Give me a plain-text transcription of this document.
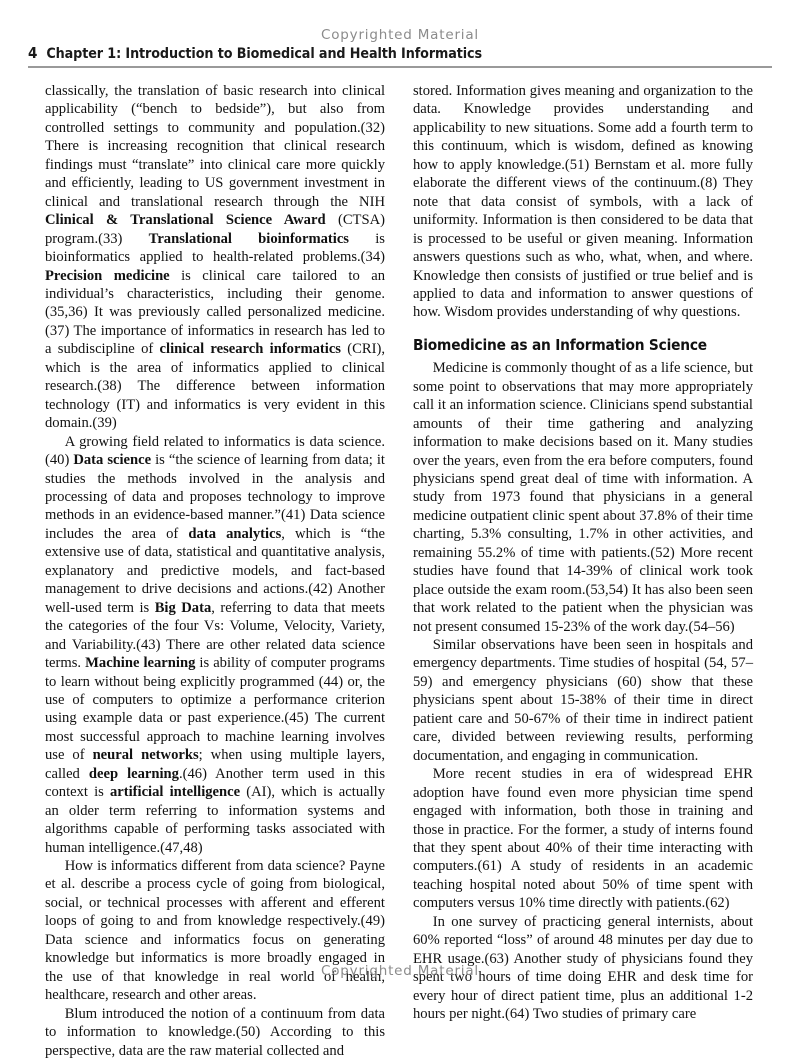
Copyrighted Material
4 Chapter 1: Introduction to Biomedical and Health Informatics

classically, the translation of basic research into clinical applicability (“bench to bedside”), but also from controlled settings to community and population.(32) There is increasing recognition that clinical research findings must “translate” into clinical care more quickly and efficiently, leading to US government investment in clinical and translational research through the NIH Clinical & Translational Science Award (CTSA) program.(33) Translational bioinformatics is bioinformatics applied to health-related problems.(34) Precision medicine is clinical care tailored to an individual’s characteristics, including their genome.(35,36) It was previously called personalized medicine.(37) The importance of informatics in research has led to a subdiscipline of clinical research informatics (CRI), which is the area of informatics applied to clinical research.(38) The difference between information technology (IT) and informatics is very evident in this domain.(39)

A growing field related to informatics is data science.(40) Data science is “the science of learning from data; it studies the methods involved in the analysis and processing of data and proposes technology to improve methods in an evidence-based manner.”(41) Data science includes the area of data analytics, which is “the extensive use of data, statistical and quantitative analysis, explanatory and predictive models, and fact-based management to drive decisions and actions.(42) Another well-used term is Big Data, referring to data that meets the categories of the four Vs: Volume, Velocity, Variety, and Variability.(43) There are other related data science terms. Machine learning is ability of computer programs to learn without being explicitly programmed (44) or, the use of computers to optimize a performance criterion using example data or past experience.(45) The current most successful approach to machine learning involves use of neural networks; when using multiple layers, called deep learning.(46) Another term used in this context is artificial intelligence (AI), which is actually an older term referring to information systems and algorithms capable of performing tasks associated with human intelligence.(47,48)

How is informatics different from data science? Payne et al. describe a process cycle of going from biological, social, or technical processes with afferent and efferent loops of going to and from knowledge respectively.(49) Data science and informatics focus on generating knowledge but informatics is more broadly engaged in the use of that knowledge in real world of health, healthcare, research and other areas.

Blum introduced the notion of a continuum from data to information to knowledge.(50) According to this perspective, data are the raw material collected and

stored. Information gives meaning and organization to the data. Knowledge provides understanding and applicability to new situations. Some add a fourth term to this continuum, which is wisdom, defined as knowing how to apply knowledge.(51) Bernstam et al. more fully elaborate the different views of the continuum.(8) They note that data consist of symbols, with a lack of uniformity. Information is then considered to be data that is processed to be useful or given meaning. Information answers questions such as who, what, when, and where. Knowledge then consists of justified or true belief and is applied to data and information to answer questions of how. Wisdom provides understanding of why questions.

Biomedicine as an Information Science

Medicine is commonly thought of as a life science, but some point to observations that may more appropriately call it an information science. Clinicians spend substantial amounts of their time gathering and analyzing information to make decisions based on it. Many studies over the years, even from the era before computers, found physicians spend great deal of time with information. A study from 1973 found that physicians in a general medicine outpatient clinic spent about 37.8% of their time charting, 5.3% consulting, 1.7% in other activities, and remaining 55.2% of time with patients.(52) More recent studies have found that 14-39% of clinical work took place outside the exam room.(53,54) It has also been seen that work related to the patient when the physician was not present consumed 15-23% of the work day.(54–56)

Similar observations have been seen in hospitals and emergency departments. Time studies of hospital (54, 57–59) and emergency physicians (60) show that these physicians spent about 15-38% of their time in direct patient care and 50-67% of their time in indirect patient care, divided between reviewing results, performing documentation, and engaging in communication.

More recent studies in era of widespread EHR adoption have found even more physician time spend engaged with information, both those in training and those in practice. For the former, a study of interns found that they spent about 40% of their time interacting with computers.(61) A study of residents in an academic teaching hospital noted about 50% of time spent with computers versus 10% time directly with patients.(62)

In one survey of practicing general internists, about 60% reported “loss” of around 48 minutes per day due to EHR usage.(63) Another study of physicians found they spent two hours of time doing EHR and desk time for every hour of direct patient time, plus an additional 1-2 hours per night.(64) Two studies of primary care

Copyrighted Material
